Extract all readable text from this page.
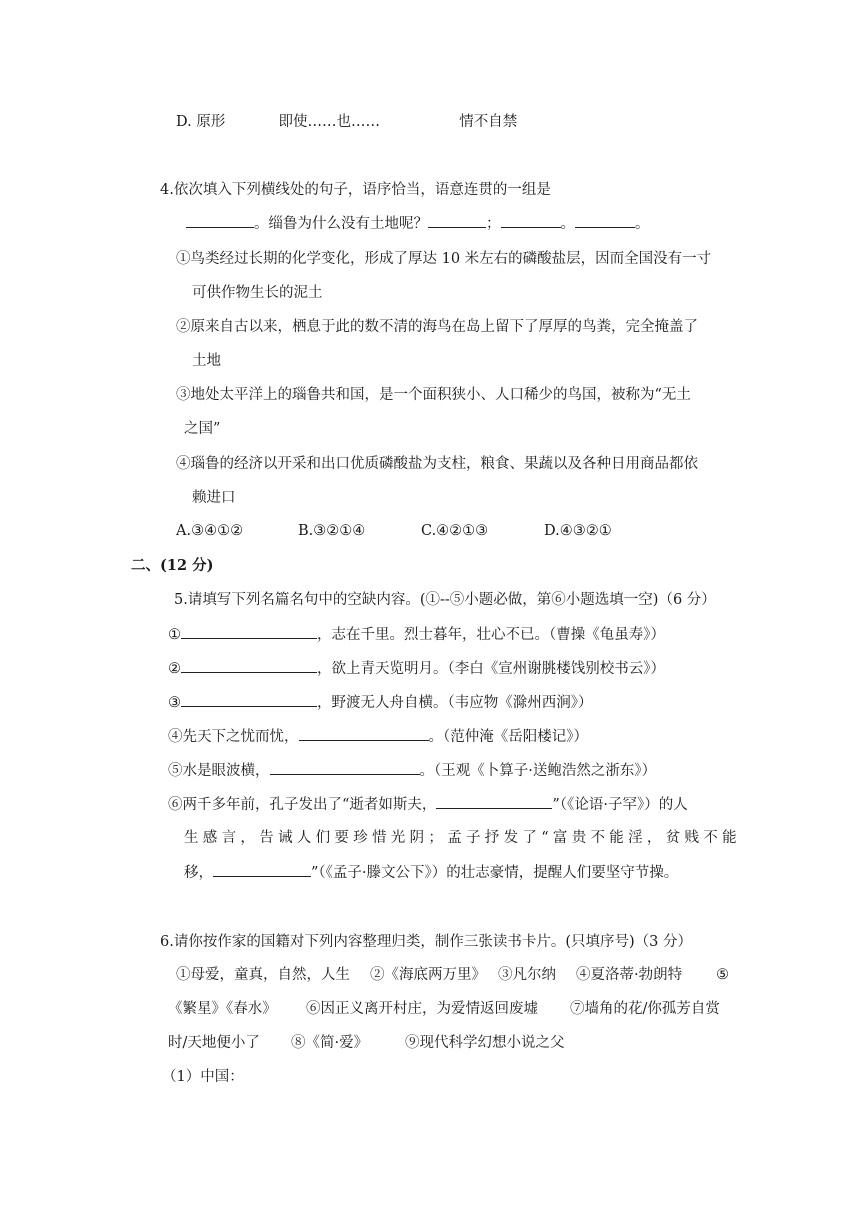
D. 原形	即使……也……	情不自禁
4.依次填入下列横线处的句子，语序恰当，语意连贯的一组是
。缁鲁为什么没有土地呢？	；	。	。
①鸟类经过长期的化学变化，形成了厚达 10 米左右的磷酸盐层，因而全国没有一寸
可供作物生长的泥土
②原来自古以来，栖息于此的数不清的海鸟在岛上留下了厚厚的鸟粪，完全掩盖了
土地
③地处太平洋上的瑙鲁共和国，是一个面积狭小、人口稀少的鸟国，被称为“无土
之国”
④瑙鲁的经济以开采和出口优质磷酸盐为支柱，粮食、果蔬以及各种日用商品都依
赖进口
A.③④①②	B.③②①④	C.④②①③	D.④③②①
二、(12 分)
5.请填写下列名篇名句中的空缺内容。(①--⑤小题必做，第⑥小题选填一空)（6 分）
①	，志在千里。烈士暮年，壮心不已。（曹操《龟虽寿》）
②	，欲上青天览明月。（李白《宣州谢朓楼饯别校书云》）
③	，野渡无人舟自横。（韦应物《滁州西涧》）
④先天下之忧而忧，	。（范仲淹《岳阳楼记》）
⑤水是眼波横，	。（王观《卜算子·送鲍浩然之浙东》）
⑥两千多年前，孔子发出了“逝者如斯夫，	”（《论语·子罕》）的人
生感言，告诫人们要珍惜光阴；孟子抒发了“富贵不能淫，贫贱不能
移，	”（《孟子·滕文公下》）的壮志豪情，提醒人们要坚守节操。
6.请你按作家的国籍对下列内容整理归类，制作三张读书卡片。(只填序号)（3 分）
①母爱，童真，自然，人生 ②《海底两万里》 ③凡尔纳 ④夏洛蒂·勃朗特 ⑤
《繁星》《春水》 ⑥因正义离开村庄，为爱情返回废墟 ⑦墙角的花/你孤芳自赏
时/天地便小了 ⑧《简·爱》	⑨现代科学幻想小说之父
（1）中国：
